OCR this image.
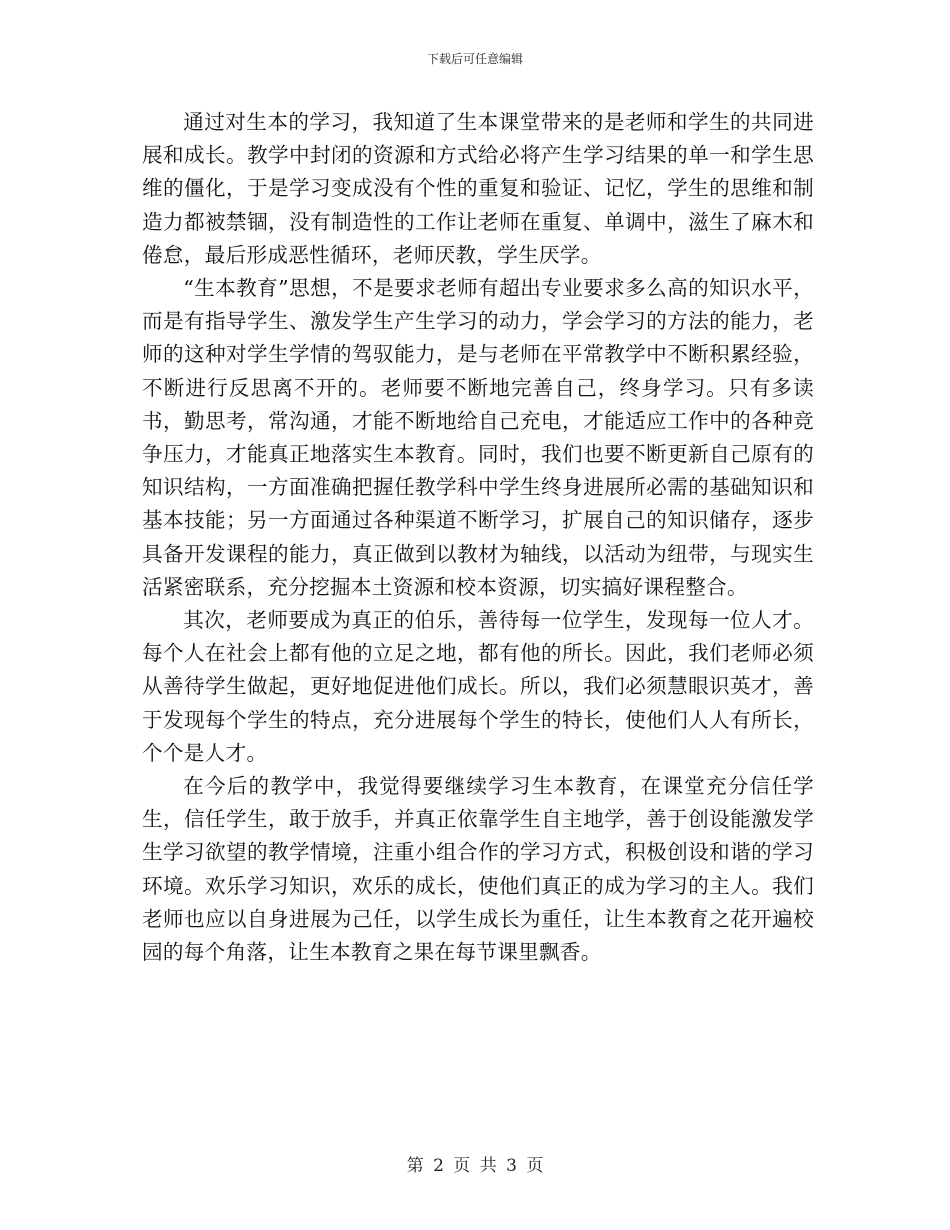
下载后可任意编辑

通过对生本的学习，我知道了生本课堂带来的是老师和学生的共同进展和成长。教学中封闭的资源和方式给必将产生学习结果的单一和学生思维的僵化，于是学习变成没有个性的重复和验证、记忆，学生的思维和制造力都被禁锢，没有制造性的工作让老师在重复、单调中，滋生了麻木和倦怠，最后形成恶性循环，老师厌教，学生厌学。

“生本教育”思想，不是要求老师有超出专业要求多么高的知识水平，而是有指导学生、激发学生产生学习的动力，学会学习的方法的能力，老师的这种对学生学情的驾驭能力，是与老师在平常教学中不断积累经验，不断进行反思离不开的。老师要不断地完善自己，终身学习。只有多读书，勤思考，常沟通，才能不断地给自己充电，才能适应工作中的各种竞争压力，才能真正地落实生本教育。同时，我们也要不断更新自己原有的知识结构，一方面准确把握任教学科中学生终身进展所必需的基础知识和基本技能；另一方面通过各种渠道不断学习，扩展自己的知识储存，逐步具备开发课程的能力，真正做到以教材为轴线，以活动为纽带，与现实生活紧密联系，充分挖掘本土资源和校本资源，切实搞好课程整合。

其次，老师要成为真正的伯乐，善待每一位学生，发现每一位人才。每个人在社会上都有他的立足之地，都有他的所长。因此，我们老师必须从善待学生做起，更好地促进他们成长。所以，我们必须慧眼识英才，善于发现每个学生的特点，充分进展每个学生的特长，使他们人人有所长，个个是人才。

在今后的教学中，我觉得要继续学习生本教育，在课堂充分信任学生，信任学生，敢于放手，并真正依靠学生自主地学，善于创设能激发学生学习欲望的教学情境，注重小组合作的学习方式，积极创设和谐的学习环境。欢乐学习知识，欢乐的成长，使他们真正的成为学习的主人。我们老师也应以自身进展为己任，以学生成长为重任，让生本教育之花开遍校园的每个角落，让生本教育之果在每节课里飘香。

第 2 页 共 3 页
